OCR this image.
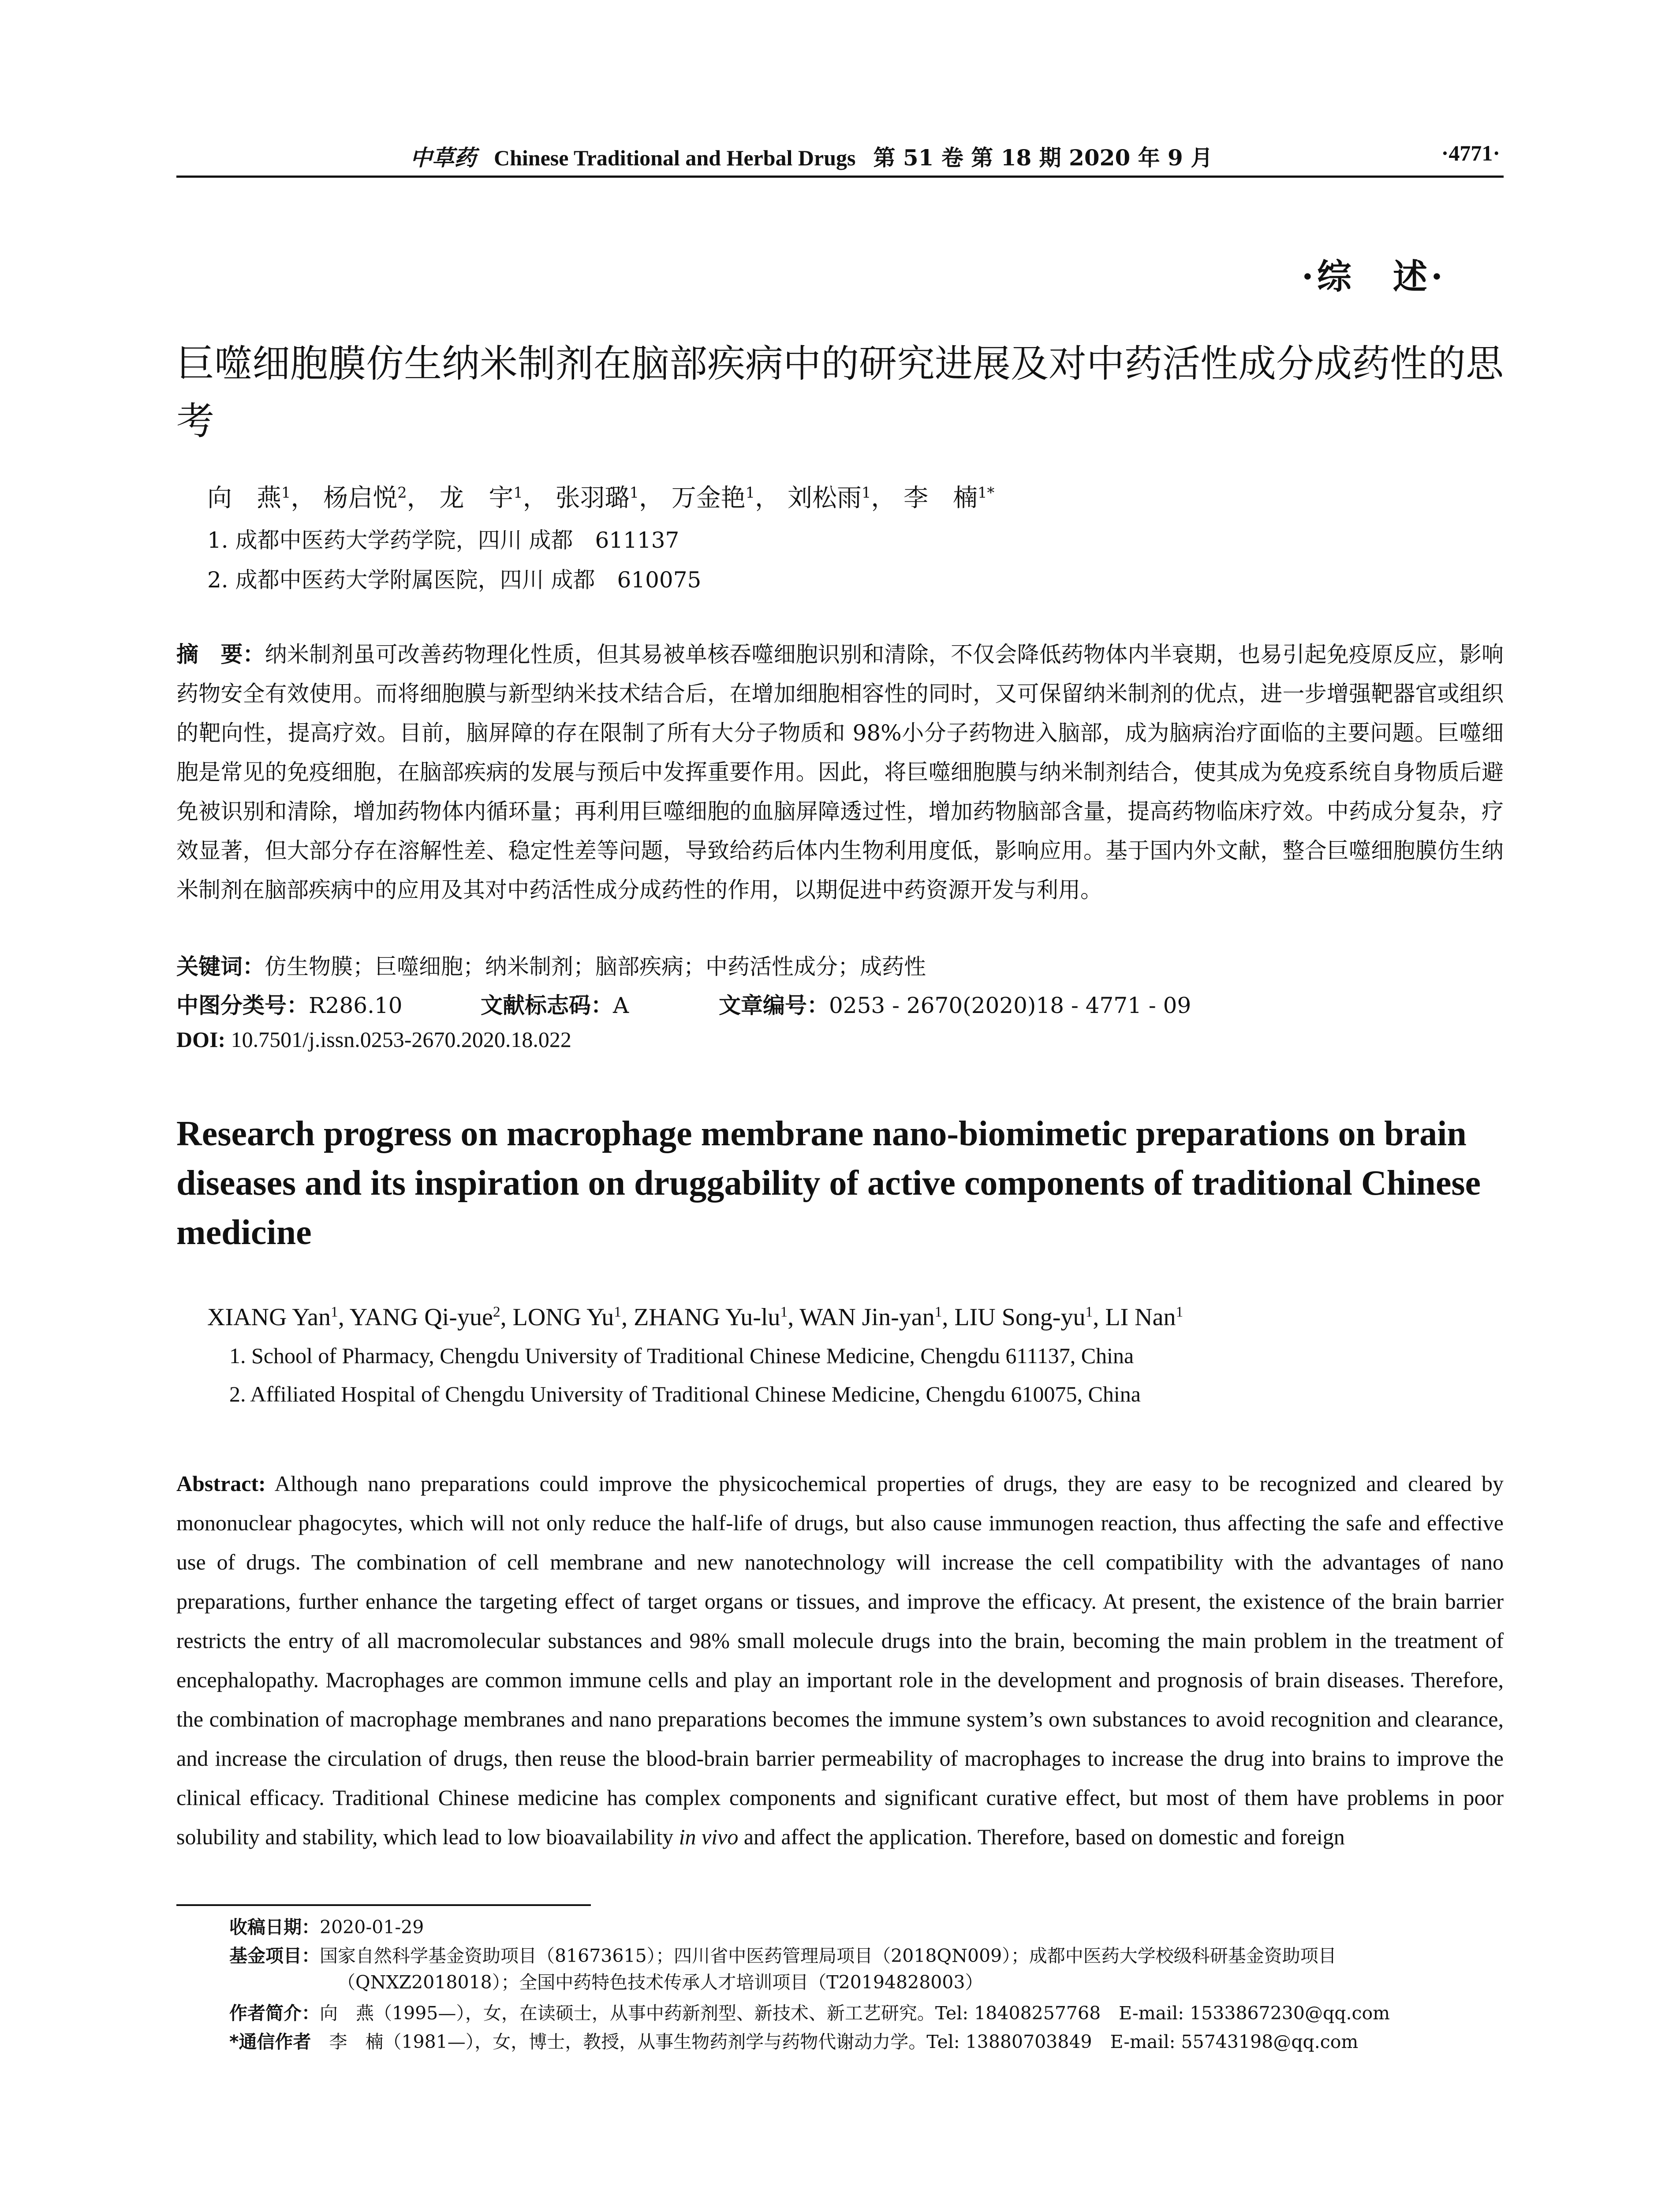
中草药 Chinese Traditional and Herbal Drugs 第 51 卷 第 18 期 2020 年 9 月	·4771·
·综　述·
巨噬细胞膜仿生纳米制剂在脑部疾病中的研究进展及对中药活性成分成药性的思考
向　燕$^1$， 杨启悦$^2$， 龙　宇$^1$， 张羽璐$^1$， 万金艳$^1$， 刘松雨$^1$， 李　楠$^{1*}$
1. 成都中医药大学药学院，四川 成都　611137
2. 成都中医药大学附属医院，四川 成都　610075
摘　要：纳米制剂虽可改善药物理化性质，但其易被单核吞噬细胞识别和清除，不仅会降低药物体内半衰期，也易引起免疫原反应，影响药物安全有效使用。而将细胞膜与新型纳米技术结合后，在增加细胞相容性的同时，又可保留纳米制剂的优点，进一步增强靶器官或组织的靶向性，提高疗效。目前，脑屏障的存在限制了所有大分子物质和 98%小分子药物进入脑部，成为脑病治疗面临的主要问题。巨噬细胞是常见的免疫细胞，在脑部疾病的发展与预后中发挥重要作用。因此，将巨噬细胞膜与纳米制剂结合，使其成为免疫系统自身物质后避免被识别和清除，增加药物体内循环量；再利用巨噬细胞的血脑屏障透过性，增加药物脑部含量，提高药物临床疗效。中药成分复杂，疗效显著，但大部分存在溶解性差、稳定性差等问题，导致给药后体内生物利用度低，影响应用。基于国内外文献，整合巨噬细胞膜仿生纳米制剂在脑部疾病中的应用及其对中药活性成分成药性的作用，以期促进中药资源开发与利用。
关键词：仿生物膜；巨噬细胞；纳米制剂；脑部疾病；中药活性成分；成药性
中图分类号：R286.10	文献标志码：A	文章编号：0253 - 2670(2020)18 - 4771 - 09
DOI: 10.7501/j.issn.0253-2670.2020.18.022
Research progress on macrophage membrane nano-biomimetic preparations on brain diseases and its inspiration on druggability of active components of traditional Chinese medicine
XIANG Yan$^1$, YANG Qi-yue$^2$, LONG Yu$^1$, ZHANG $Yu-lu^1$, WAN Jin-yan$^1$, LIU Song-$yu^1$, LI Nan$^1$
1. School of Pharmacy, Chengdu University of Traditional Chinese Medicine, Chengdu 611137, China
2. Affiliated Hospital of Chengdu University of Traditional Chinese Medicine, Chengdu 610075, China
Abstract: Although nano preparations could improve the physicochemical properties of drugs, they are easy to be recognized and cleared by mononuclear phagocytes, which will not only reduce the half-life of drugs, but also cause immunogen reaction, thus affecting the safe and effective use of drugs. The combination of cell membrane and new nanotechnology will increase the cell compatibility with the advantages of nano preparations, further enhance the targeting effect of target organs or tissues, and improve the efficacy. At present, the existence of the brain barrier restricts the entry of all macromolecular substances and 98% small molecule drugs into the brain, becoming the main problem in the treatment of encephalopathy. Macrophages are common immune cells and play an important role in the development and prognosis of brain diseases. Therefore, the combination of macrophage membranes and nano preparations becomes the immune system’s own substances to avoid recognition and clearance, and increase the circulation of drugs, then reuse the blood-brain barrier permeability of macrophages to increase the drug into brains to improve the clinical efficacy. Traditional Chinese medicine has complex components and significant curative effect, but most of them have problems in poor solubility and stability, which lead to low bioavailability in vivo and affect the application. Therefore, based on domestic and foreign
收稿日期：2020-01-29
基金项目：国家自然科学基金资助项目（81673615）；四川省中医药管理局项目（2018QN009）；成都中医药大学校级科研基金资助项目
（QNXZ2018018）；全国中药特色技术传承人才培训项目（T20194828003）
作者简介：向　燕（1995—），女，在读硕士，从事中药新剂型、新技术、新工艺研究。Tel: 18408257768　E-mail: 1533867230@qq.com
*通信作者　 李　楠（1981—），女，博士，教授，从事生物药剂学与药物代谢动力学。Tel: 13880703849　E-mail: 55743198@qq.com
